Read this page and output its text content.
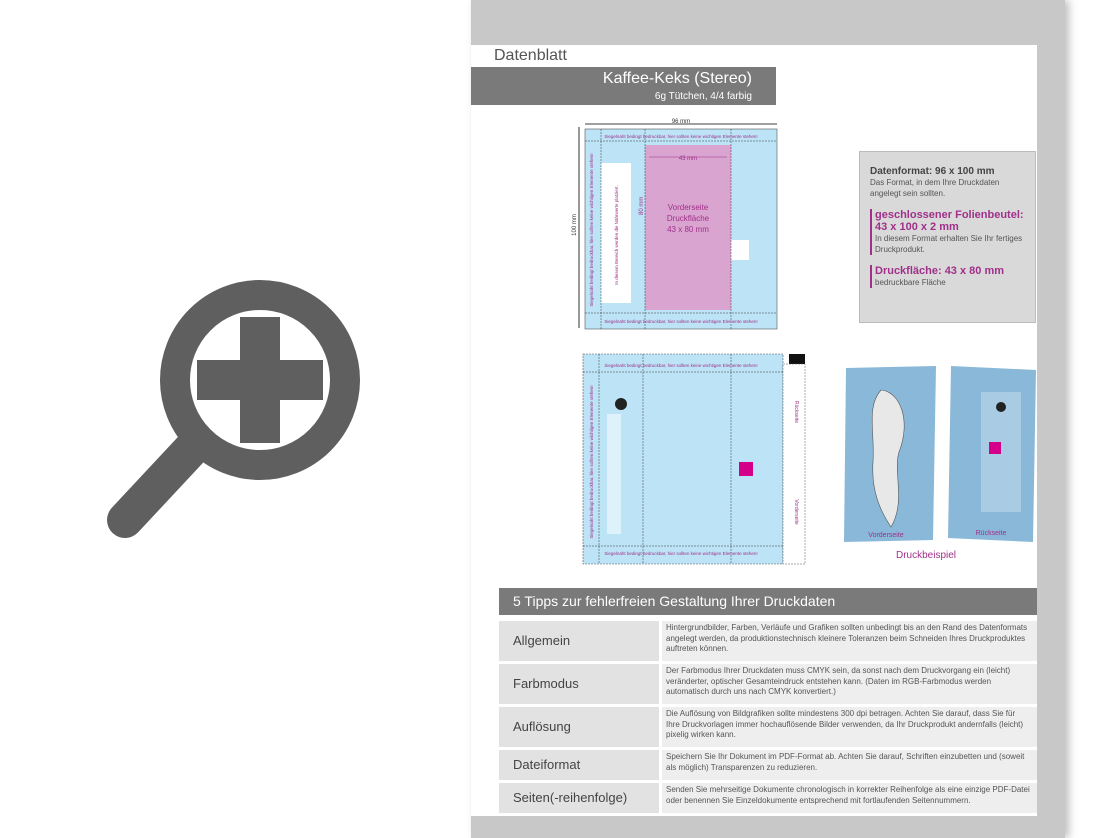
Datenblatt
Kaffee-Keks (Stereo)
6g Tütchen, 4/4 farbig
96 mm
100 mm
43 mm
80 mm	Vorderseite
Druckfläche
43 x 80 mm
Siegelnaht bedingt bedruckbar, hier sollten keine wichtigen Elemente stehen!
Siegelnaht bedingt bedruckbar, hier sollten keine wichtigen Elemente stehen!
Siegelnaht bedingt bedruckbar, hier sollten keine wichtigen Elemente stehen!	In diesem Bereich werden die Nährwerte platziert.
Siegelnaht bedingt bedruckbar, hier sollten keine wichtigen Elemente stehen!
Siegelnaht bedingt bedruckbar, hier sollten keine wichtigen Elemente stehen!
Siegelnaht bedingt bedruckbar, hier sollten keine wichtigen Elemente stehen!	Rückseite
Vorderseite
Datenformat: 96 x 100 mm
Das Format, in dem Ihre Druckdaten angelegt sein sollten.
geschlossener Folienbeutel: 43 x 100 x 2 mm
In diesem Format erhalten Sie Ihr fertiges Druckprodukt.
Druckfläche: 43 x 80 mm
bedruckbare Fläche
Vorderseite	Rückseite
Druckbeispiel
5 Tipps zur fehlerfreien Gestaltung Ihrer Druckdaten
Allgemein
Hintergrundbilder, Farben, Verläufe und Grafiken sollten unbedingt bis an den Rand des Datenformats angelegt werden, da produktionstechnisch kleinere Toleranzen beim Schneiden Ihres Druckproduktes auftreten können.
Farbmodus
Der Farbmodus Ihrer Druckdaten muss CMYK sein, da sonst nach dem Druckvorgang ein (leicht) veränderter, optischer Gesamteindruck entstehen kann. (Daten im RGB-Farbmodus werden automatisch durch uns nach CMYK konvertiert.)
Auflösung
Die Auflösung von Bildgrafiken sollte mindestens 300 dpi betragen. Achten Sie darauf, dass Sie für Ihre Druckvorlagen immer hochauflösende Bilder verwenden, da Ihr Druckprodukt andernfalls (leicht) pixelig wirken kann.
Dateiformat
Speichern Sie Ihr Dokument im PDF-Format ab. Achten Sie darauf, Schriften einzubetten und (soweit als möglich) Transparenzen zu reduzieren.
Seiten(-reihenfolge)
Senden Sie mehrseitige Dokumente chronologisch in korrekter Reihenfolge als eine einzige PDF-Datei oder benennen Sie Einzeldokumente entsprechend mit fortlaufenden Seitennummern.
